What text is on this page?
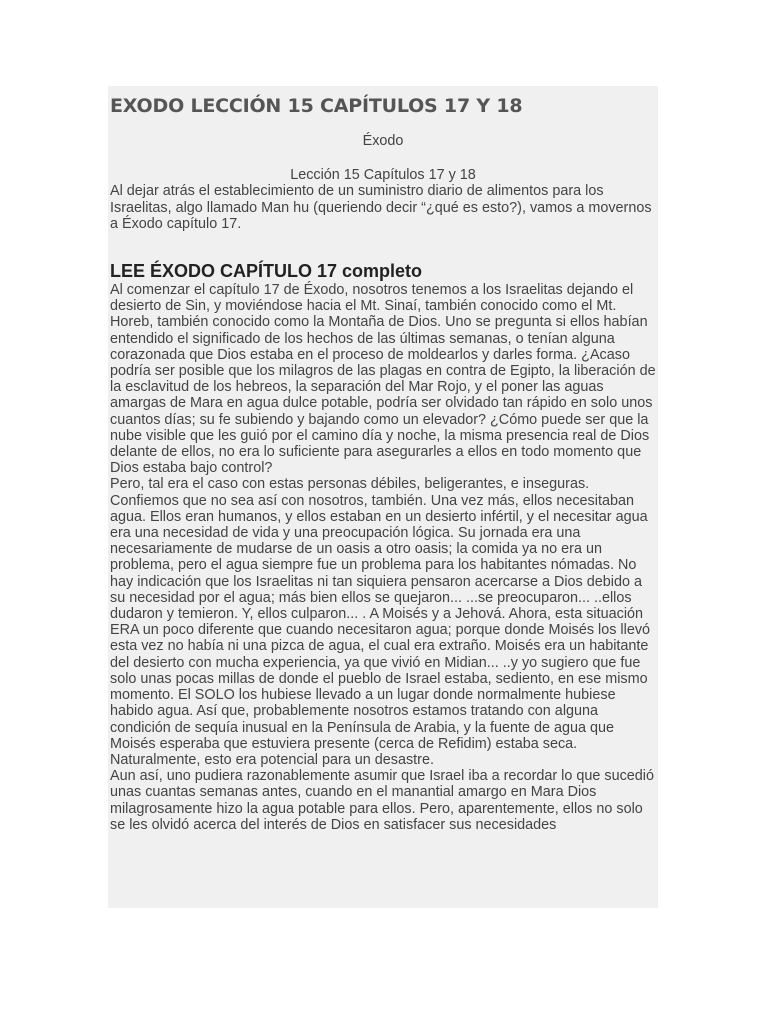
EXODO LECCIÓN 15 CAPÍTULOS 17 Y 18

Éxodo

Lección 15 Capítulos 17 y 18

Al dejar atrás el establecimiento de un suministro diario de alimentos para los Israelitas, algo llamado Man hu (queriendo decir “¿qué es esto?), vamos a movernos a Éxodo capítulo 17.

LEE ÉXODO CAPÍTULO 17 completo

Al comenzar el capítulo 17 de Éxodo, nosotros tenemos a los Israelitas dejando el desierto de Sin, y moviéndose hacia el Mt. Sinaí, también conocido como el Mt. Horeb, también conocido como la Montaña de Dios. Uno se pregunta si ellos habían entendido el significado de los hechos de las últimas semanas, o tenían alguna corazonada que Dios estaba en el proceso de moldearlos y darles forma. ¿Acaso podría ser posible que los milagros de las plagas en contra de Egipto, la liberación de la esclavitud de los hebreos, la separación del Mar Rojo, y el poner las aguas amargas de Mara en agua dulce potable, podría ser olvidado tan rápido en solo unos cuantos días; su fe subiendo y bajando como un elevador? ¿Cómo puede ser que la nube visible que les guió por el camino día y noche, la misma presencia real de Dios delante de ellos, no era lo suficiente para asegurarles a ellos en todo momento que Dios estaba bajo control?

Pero, tal era el caso con estas personas débiles, beligerantes, e inseguras. Confiemos que no sea así con nosotros, también. Una vez más, ellos necesitaban agua. Ellos eran humanos, y ellos estaban en un desierto infértil, y el necesitar agua era una necesidad de vida y una preocupación lógica. Su jornada era una necesariamente de mudarse de un oasis a otro oasis; la comida ya no era un problema, pero el agua siempre fue un problema para los habitantes nómadas. No hay indicación que los Israelitas ni tan siquiera pensaron acercarse a Dios debido a su necesidad por el agua; más bien ellos se quejaron... ...se preocuparon... ..ellos dudaron y temieron. Y, ellos culparon... . A Moisés y a Jehová. Ahora, esta situación ERA un poco diferente que cuando necesitaron agua; porque donde Moisés los llevó esta vez no había ni una pizca de agua, el cual era extraño. Moisés era un habitante del desierto con mucha experiencia, ya que vivió en Midian... ..y yo sugiero que fue solo unas pocas millas de donde el pueblo de Israel estaba, sediento, en ese mismo momento. El SOLO los hubiese llevado a un lugar donde normalmente hubiese habido agua. Así que, probablemente nosotros estamos tratando con alguna condición de sequía inusual en la Península de Arabia, y la fuente de agua que Moisés esperaba que estuviera presente (cerca de Refidim) estaba seca. Naturalmente, esto era potencial para un desastre.

Aun así, uno pudiera razonablemente asumir que Israel iba a recordar lo que sucedió unas cuantas semanas antes, cuando en el manantial amargo en Mara Dios milagrosamente hizo la agua potable para ellos. Pero, aparentemente, ellos no solo se les olvidó acerca del interés de Dios en satisfacer sus necesidades
